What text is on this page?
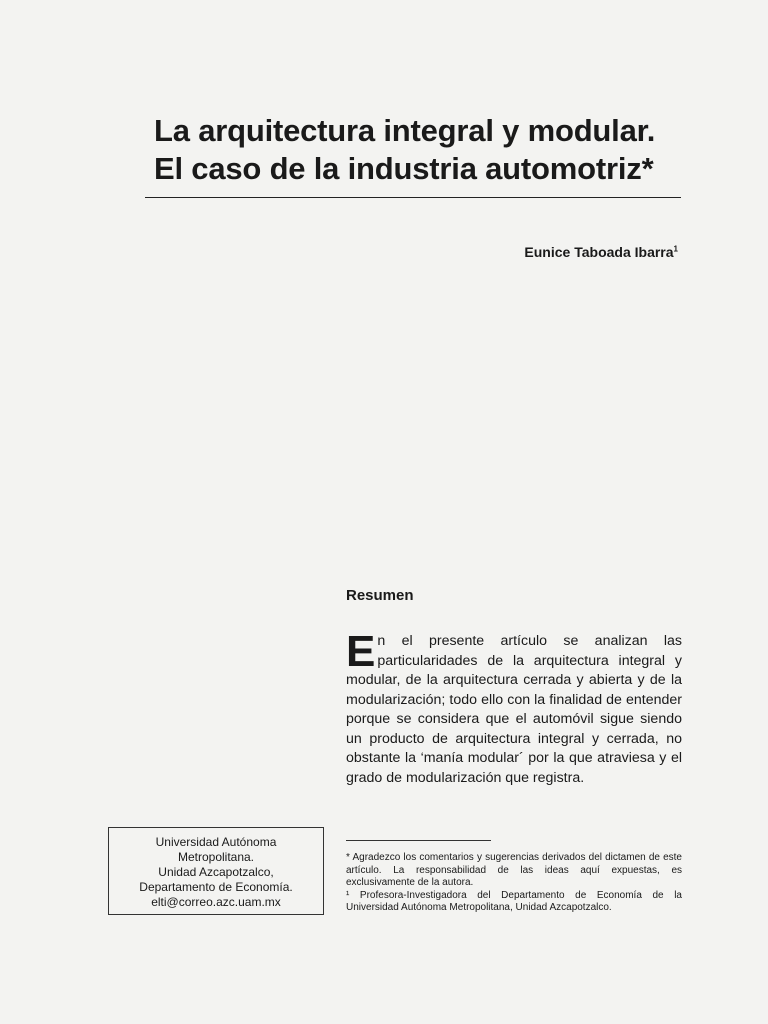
La arquitectura integral y modular.
El caso de la industria automotriz*
Eunice Taboada Ibarra$^1$
Resumen
En el presente artículo se analizan las particularidades de la arquitectura integral y modular, de la arquitectura cerrada y abierta y de la modularización; todo ello con la finalidad de entender porque se considera que el automóvil sigue siendo un producto de arquitectura integral y cerrada, no obstante la ‘manía modular´ por la que atraviesa y el grado de modularización que registra.
Universidad Autónoma
Metropolitana.
Unidad Azcapotzalco,
Departamento de Economía.
elti@correo.azc.uam.mx

* Agradezco los comentarios y sugerencias derivados del dictamen de este artículo. La responsabilidad de las ideas aquí expuestas, es exclusivamente de la autora.

¹ Profesora-Investigadora del Departamento de Economía de la Universidad Autónoma Metropolitana, Unidad Azcapotzalco.
